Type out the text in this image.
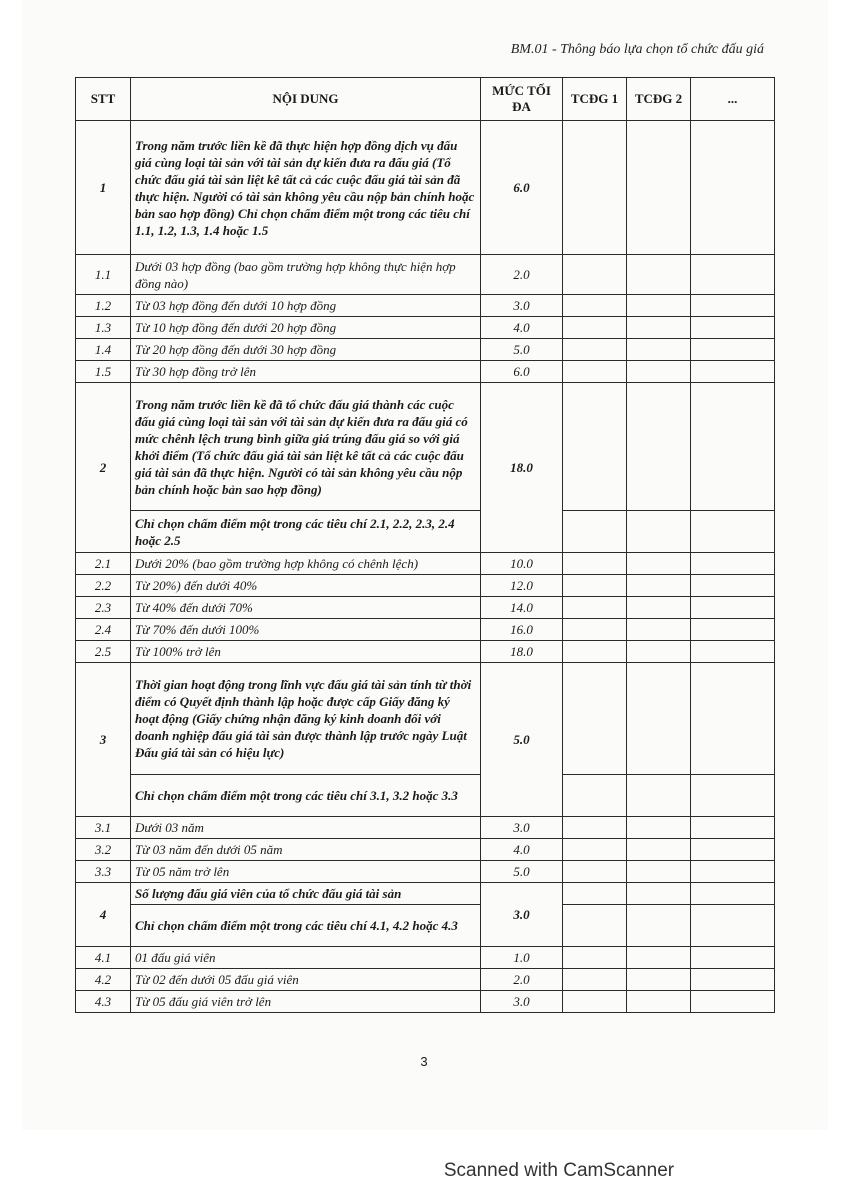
BM.01 - Thông báo lựa chọn tổ chức đấu giá
STT	NỘI DUNG	MỨC TỐI ĐA	TCĐG 1	TCĐG 2	...
1	Trong năm trước liền kề đã thực hiện hợp đồng dịch vụ đấu giá cùng loại tài sản với tài sản dự kiến đưa ra đấu giá (Tổ chức đấu giá tài sản liệt kê tất cả các cuộc đấu giá tài sản đã thực hiện. Người có tài sản không yêu cầu nộp bản chính hoặc bản sao hợp đồng) Chỉ chọn chấm điểm một trong các tiêu chí 1.1, 1.2, 1.3, 1.4 hoặc 1.5	6.0			
1.1	Dưới 03 hợp đồng (bao gồm trường hợp không thực hiện hợp đồng nào)	2.0			
1.2	Từ 03 hợp đồng đến dưới 10 hợp đồng	3.0			
1.3	Từ 10 hợp đồng đến dưới 20 hợp đồng	4.0			
1.4	Từ 20 hợp đồng đến dưới 30 hợp đồng	5.0			
1.5	Từ 30 hợp đồng trở lên	6.0			
2	Trong năm trước liền kề đã tổ chức đấu giá thành các cuộc đấu giá cùng loại tài sản với tài sản dự kiến đưa ra đấu giá có mức chênh lệch trung bình giữa giá trúng đấu giá so với giá khởi điểm (Tổ chức đấu giá tài sản liệt kê tất cả các cuộc đấu giá tài sản đã thực hiện. Người có tài sản không yêu cầu nộp bản chính hoặc bản sao hợp đồng)	18.0			
	Chỉ chọn chấm điểm một trong các tiêu chí 2.1, 2.2, 2.3, 2.4 hoặc 2.5				
2.1	Dưới 20% (bao gồm trường hợp không có chênh lệch)	10.0			
2.2	Từ 20%) đến dưới 40%	12.0			
2.3	Từ 40% đến dưới 70%	14.0			
2.4	Từ 70% đến dưới 100%	16.0			
2.5	Từ 100% trở lên	18.0			
3	Thời gian hoạt động trong lĩnh vực đấu giá tài sản tính từ thời điểm có Quyết định thành lập hoặc được cấp Giấy đăng ký hoạt động (Giấy chứng nhận đăng ký kinh doanh đối với doanh nghiệp đấu giá tài sản được thành lập trước ngày Luật Đấu giá tài sản có hiệu lực)	5.0			
	Chỉ chọn chấm điểm một trong các tiêu chí 3.1, 3.2 hoặc 3.3				
3.1	Dưới 03 năm	3.0			
3.2	Từ 03 năm đến dưới 05 năm	4.0			
3.3	Từ 05 năm trở lên	5.0			
4	Số lượng đấu giá viên của tổ chức đấu giá tài sản	3.0			
	Chỉ chọn chấm điểm một trong các tiêu chí 4.1, 4.2 hoặc 4.3				
4.1	01 đấu giá viên	1.0			
4.2	Từ 02 đến dưới 05 đấu giá viên	2.0			
4.3	Từ 05 đấu giá viên trở lên	3.0			
3
Scanned with CamScanner
